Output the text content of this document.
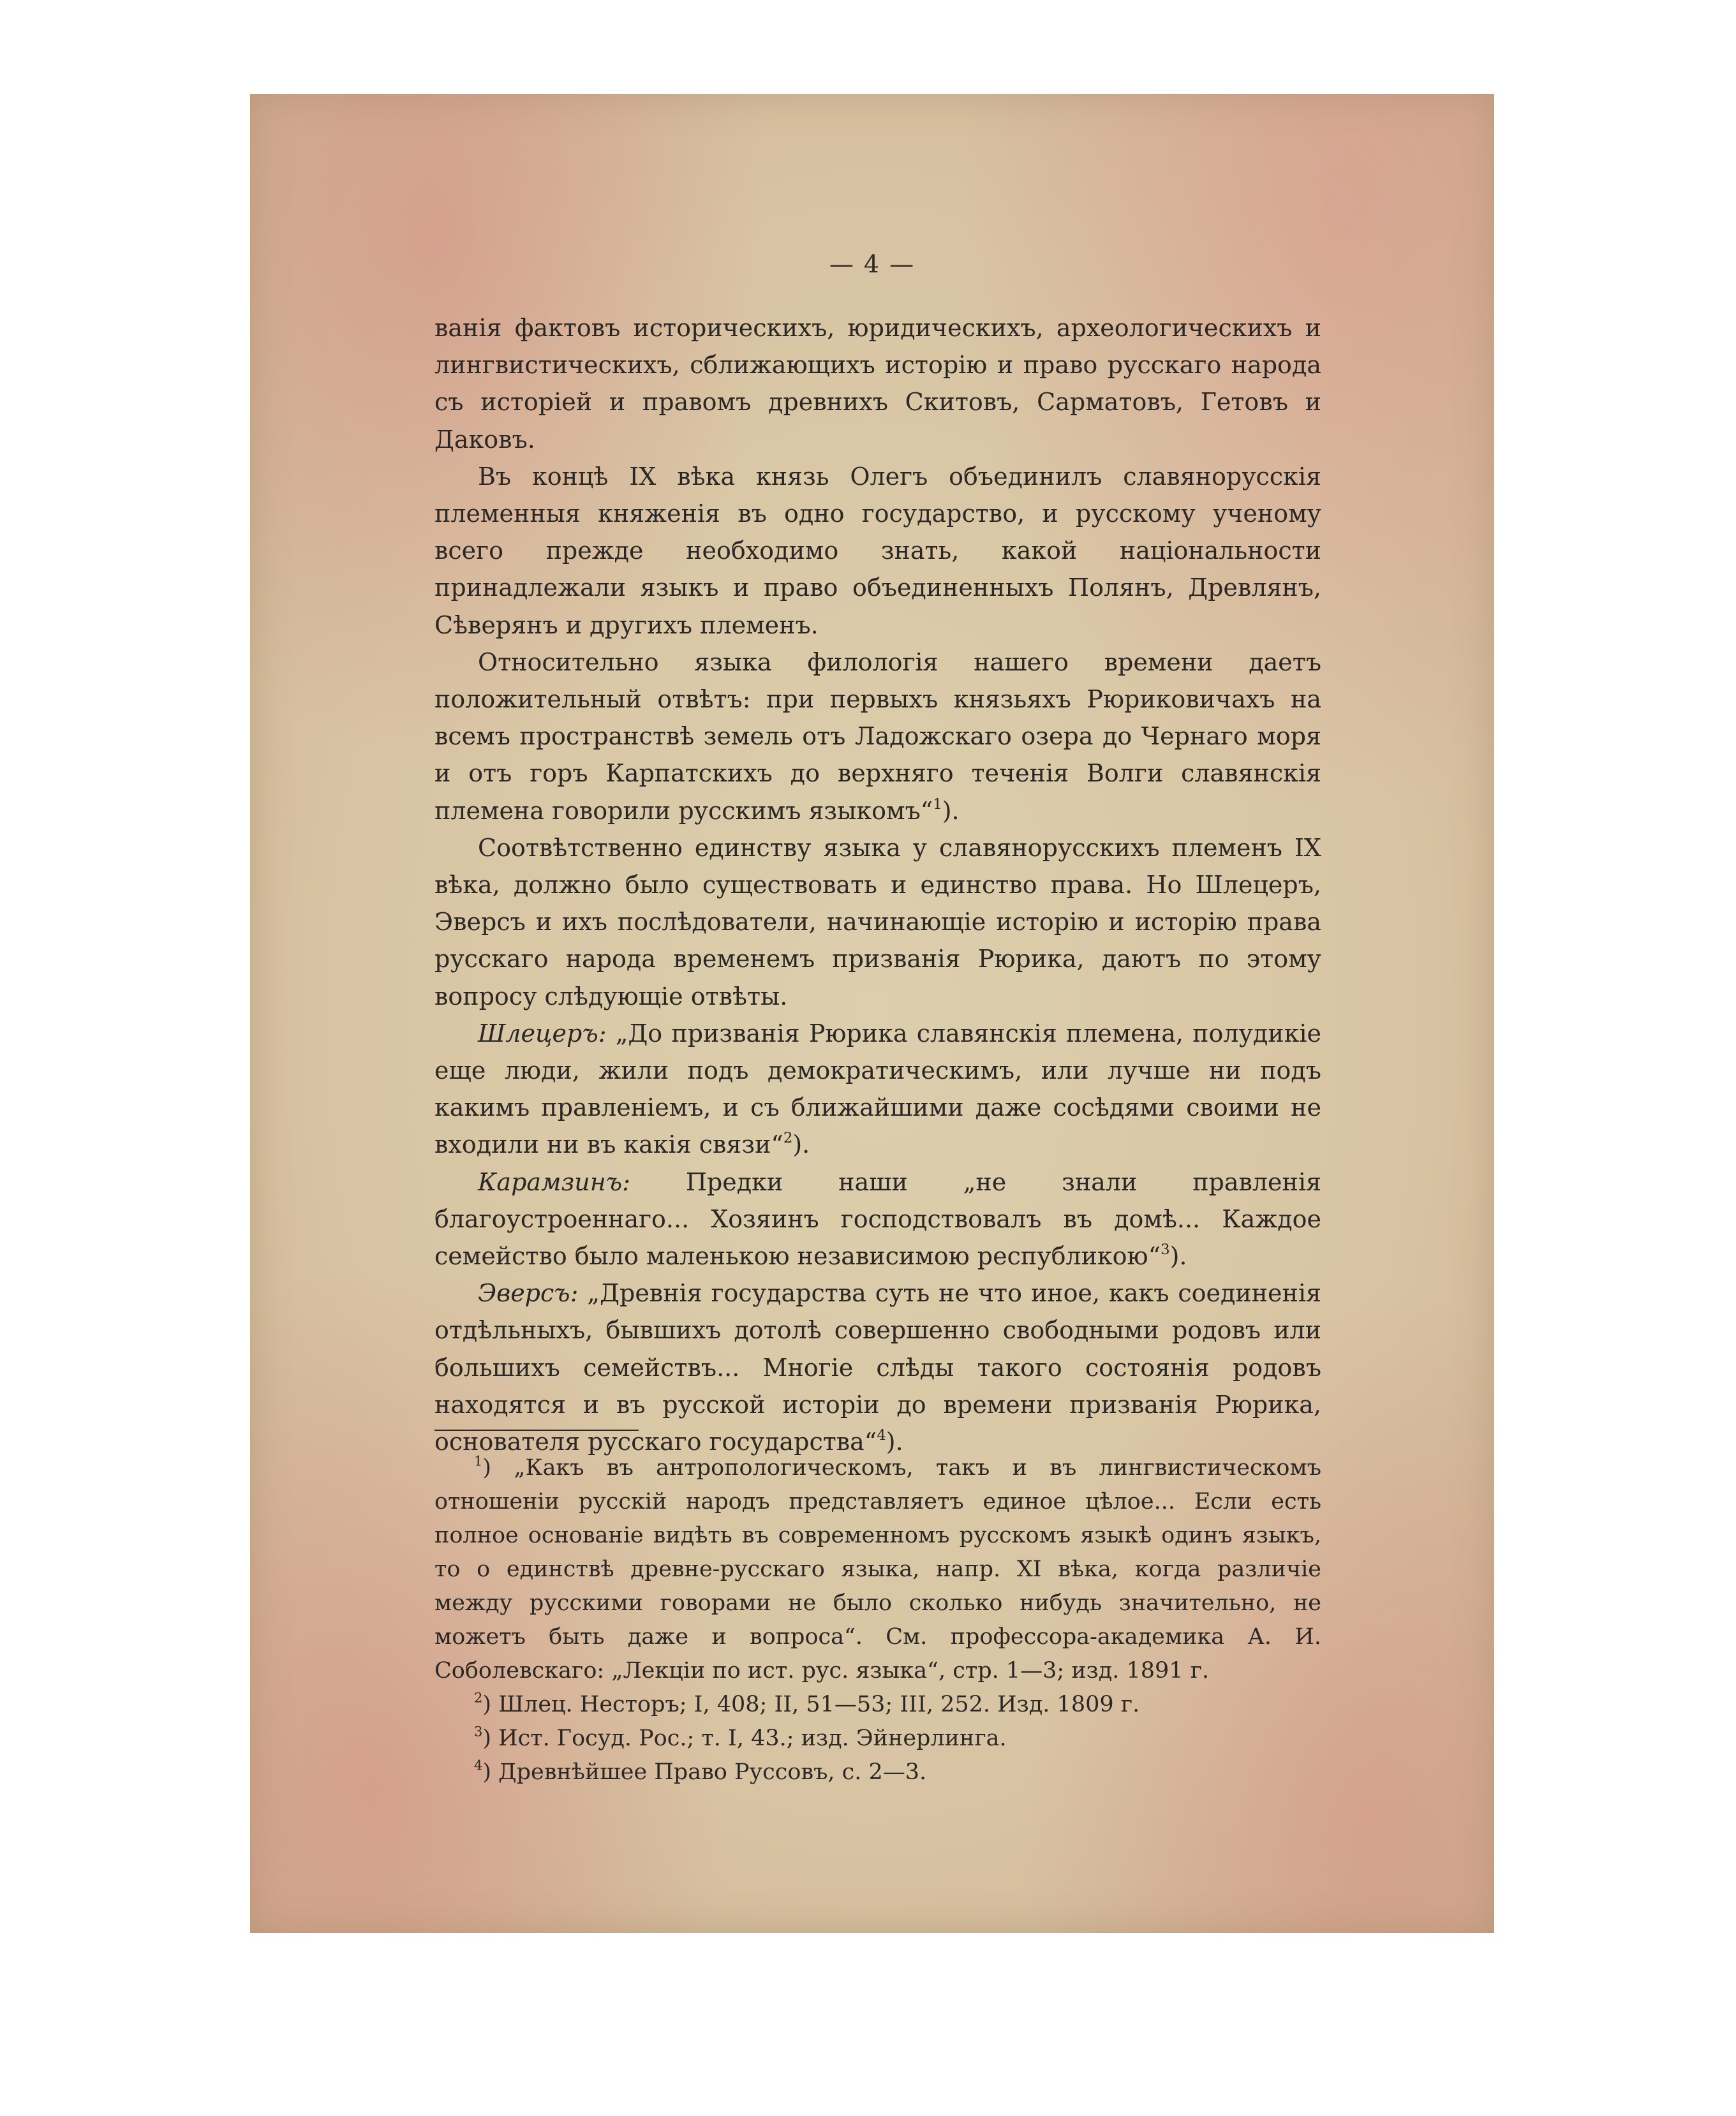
— 4 —

ванія фактовъ историческихъ, юридическихъ, археологическихъ и лингвистическихъ, сближающихъ исторію и право русскаго народа съ исторіей и правомъ древнихъ Скитовъ, Сарматовъ, Гетовъ и Даковъ.

Въ концѣ IX вѣка князь Олегъ объединилъ славянорусскія племенныя княженія въ одно государство, и русскому ученому всего прежде необходимо знать, какой національности принадлежали языкъ и право объединенныхъ Полянъ, Древлянъ, Сѣверянъ и другихъ племенъ.

Относительно языка филологія нашего времени даетъ положительный отвѣтъ: при первыхъ князьяхъ Рюриковичахъ на всемъ пространствѣ земель отъ Ладожскаго озера до Чернаго моря и отъ горъ Карпатскихъ до верхняго теченія Волги славянскія племена говорили русскимъ языкомъ“$^1$).

Соотвѣтственно единству языка у славянорусскихъ племенъ IX вѣка, должно было существовать и единство права. Но Шлецеръ, Эверсъ и ихъ послѣдователи, начинающіе исторію и исторію права русскаго народа временемъ призванія Рюрика, даютъ по этому вопросу слѣдующіе отвѣты.

Шлецеръ: „До призванія Рюрика славянскія племена, полудикіе еще люди, жили подъ демократическимъ, или лучше ни подъ какимъ правленіемъ, и съ ближайшими даже сосѣдями своими не входили ни въ какія связи“$^2$).

Карамзинъ: Предки наши „не знали правленія благоустроеннаго... Хозяинъ господствовалъ въ домѣ... Каждое семейство было маленькою независимою республикою“$^3$).

Эверсъ: „Древнія государства суть не что иное, какъ соединенія отдѣльныхъ, бывшихъ дотолѣ совершенно свободными родовъ или большихъ семействъ... Многіе слѣды такого состоянія родовъ находятся и въ русской исторіи до времени призванія Рюрика, основателя русскаго государства“$^4$).

$^1$) „Какъ въ антропологическомъ, такъ и въ лингвистическомъ отношеніи русскій народъ представляетъ единое цѣлое... Если есть полное основаніе видѣть въ современномъ русскомъ языкѣ одинъ языкъ, то о единствѣ древне-русскаго языка, напр. XI вѣка, когда различіе между русскими говорами не было сколько нибудь значительно, не можетъ быть даже и вопроса“. См. профессора-академика А. И. Соболевскаго: „Лекціи по ист. рус. языка“, стр. 1—3; изд. 1891 г.

$^2$) Шлец. Несторъ; I, 408; II, 51—53; III, 252. Изд. 1809 г.

$^3$) Ист. Госуд. Рос.; т. I, 43.; изд. Эйнерлинга.

$^4$) Древнѣйшее Право Руссовъ, с. 2—3.
